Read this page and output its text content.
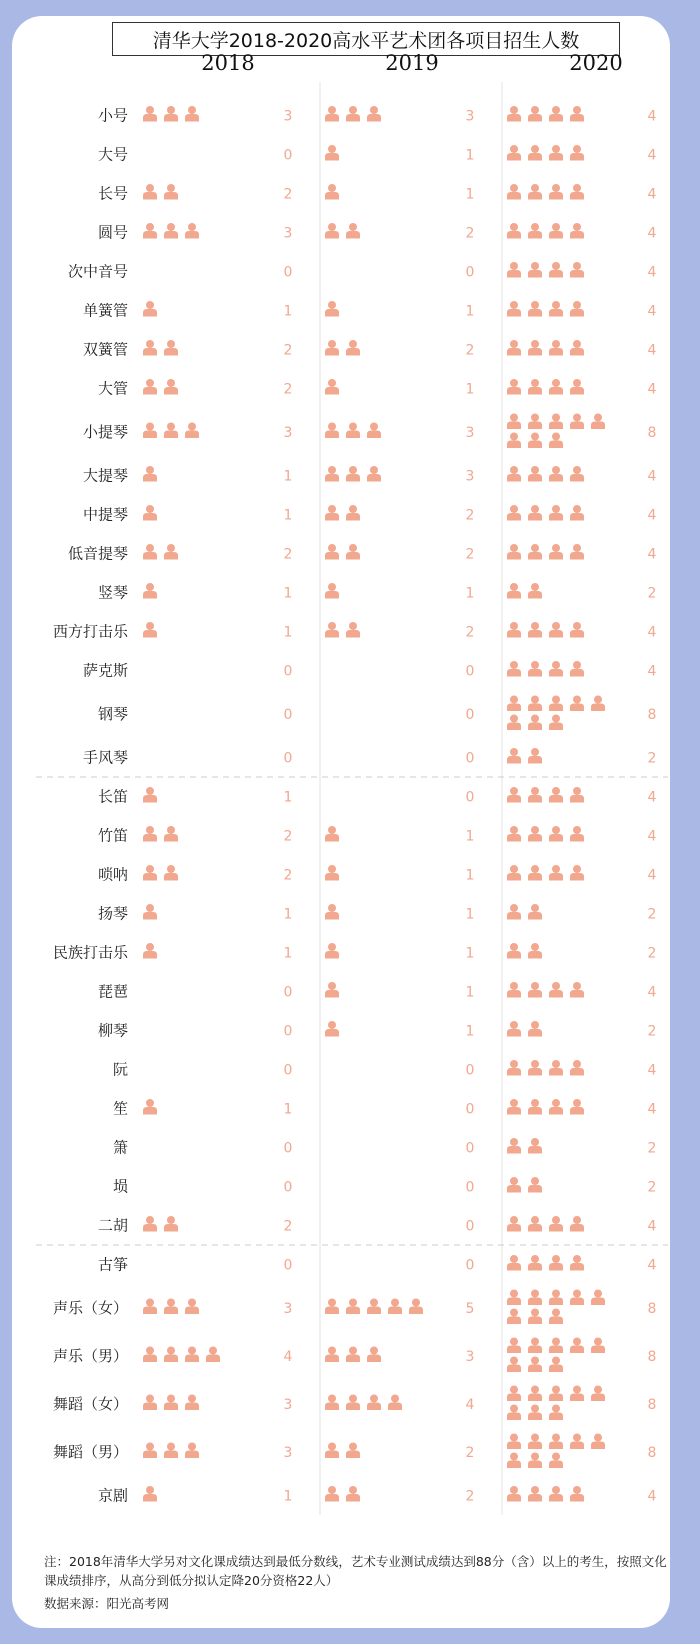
清华大学2018-2020高水平艺术团各项目招生人数
2018	2019	2020
小号	3	3	4
大号	0	1	4
长号	2	1	4
圆号	3	2	4
次中音号	0	0	4
单簧管	1	1	4
双簧管	2	2	4
大管	2	1	4
小提琴	3	3	8
大提琴	1	3	4
中提琴	1	2	4
低音提琴	2	2	4
竖琴	1	1	2
西方打击乐	1	2	4
萨克斯	0	0	4
钢琴	0	0	8
手风琴	0	0	2
长笛	1	0	4
竹笛	2	1	4
唢呐	2	1	4
扬琴	1	1	2
民族打击乐	1	1	2
琵琶	0	1	4
柳琴	0	1	2
阮	0	0	4
笙	1	0	4
箫	0	0	2
埙	0	0	2
二胡	2	0	4
古筝	0	0	4
声乐（女）	3	5	8
声乐（男）	4	3	8
舞蹈（女）	3	4	8
舞蹈（男）	3	2	8
京剧	1	2	4
注：2018年清华大学另对文化课成绩达到最低分数线，艺术专业测试成绩达到88分（含）以上的考生，按照文化课成绩排序，从高分到低分拟认定降20分资格22人）
数据来源：阳光高考网
